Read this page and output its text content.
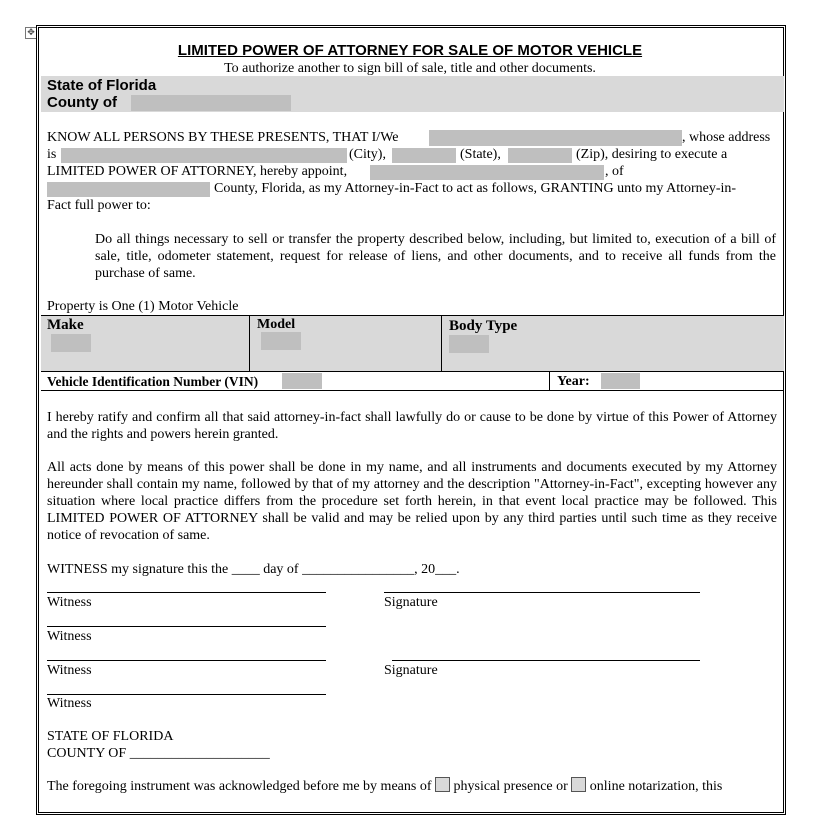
✥
LIMITED POWER OF ATTORNEY FOR SALE OF MOTOR VEHICLE
To authorize another to sign bill of sale, title and other documents.
State of Florida
County of
KNOW ALL PERSONS BY THESE PRESENTS, THAT I/We	, whose address
is	(City),	(State),	(Zip), desiring to execute a
LIMITED POWER OF ATTORNEY, hereby appoint,	, of
County, Florida, as my Attorney-in-Fact to act as follows, GRANTING unto my Attorney-in-
Fact full power to:
Do all things necessary to sell or transfer the property described below, including, but limited to, execution of a bill of sale, title, odometer statement, request for release of liens, and other documents, and to receive all funds from the purchase of same.
Property is One (1) Motor Vehicle
Make	Model	Body Type
Vehicle Identification Number (VIN)	Year:
I hereby ratify and confirm all that said attorney-in-fact shall lawfully do or cause to be done by virtue of this Power of Attorney and the rights and powers herein granted.
All acts done by means of this power shall be done in my name, and all instruments and documents executed by my Attorney hereunder shall contain my name, followed by that of my attorney and the description "Attorney-in-Fact", excepting however any situation where local practice differs from the procedure set forth herein, in that event local practice may be followed. This LIMITED POWER OF ATTORNEY shall be valid and may be relied upon by any third parties until such time as they receive notice of revocation of same.
WITNESS my signature this the ____ day of ________________, 20___.
Witness	Signature
Witness
Witness	Signature
Witness
STATE OF FLORIDA
COUNTY OF ____________________
The foregoing instrument was acknowledged before me by means of physical presence or online notarization, this
